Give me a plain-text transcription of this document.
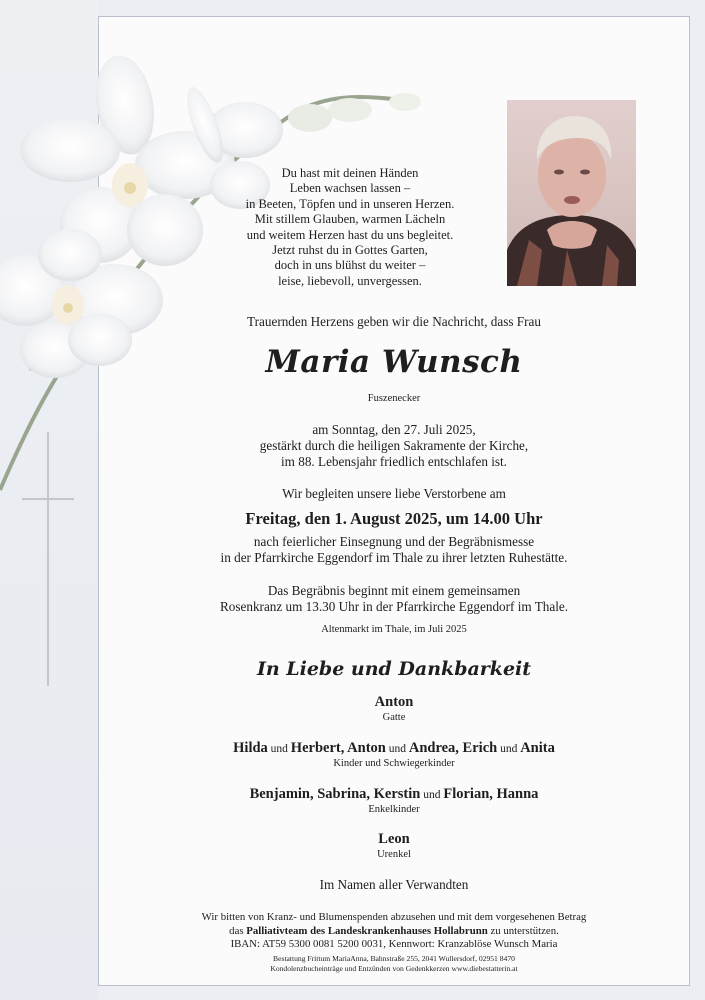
Du hast mit deinen Händen
Leben wachsen lassen –
in Beeten, Töpfen und in unseren Herzen.
Mit stillem Glauben, warmen Lächeln
und weitem Herzen hast du uns begleitet.
Jetzt ruhst du in Gottes Garten,
doch in uns blühst du weiter –
leise, liebevoll, unvergessen.
Trauernden Herzens geben wir die Nachricht, dass Frau
Maria Wunsch
Fuszenecker
am Sonntag, den 27. Juli 2025,
gestärkt durch die heiligen Sakramente der Kirche,
im 88. Lebensjahr friedlich entschlafen ist.
Wir begleiten unsere liebe Verstorbene am
Freitag, den 1. August 2025, um 14.00 Uhr
nach feierlicher Einsegnung und der Begräbnismesse
in der Pfarrkirche Eggendorf im Thale zu ihrer letzten Ruhestätte.
Das Begräbnis beginnt mit einem gemeinsamen
Rosenkranz um 13.30 Uhr in der Pfarrkirche Eggendorf im Thale.
Altenmarkt im Thale, im Juli 2025
In Liebe und Dankbarkeit
Anton
Gatte
Hilda und Herbert, Anton und Andrea, Erich und Anita
Kinder und Schwiegerkinder
Benjamin, Sabrina, Kerstin und Florian, Hanna
Enkelkinder
Leon
Urenkel
Im Namen aller Verwandten
Wir bitten von Kranz- und Blumenspenden abzusehen und mit dem vorgesehenen Betrag
das Palliativteam des Landeskrankenhauses Hollabrunn zu unterstützen.
IBAN: AT59 5300 0081 5200 0031, Kennwort: Kranzablöse Wunsch Maria
Bestattung Frittum MariaAnna, Bahnstraße 255, 2041 Wullersdorf, 02951 8470
Kondolenzbucheinträge und Entzünden von Gedenkkerzen www.diebestatterin.at
